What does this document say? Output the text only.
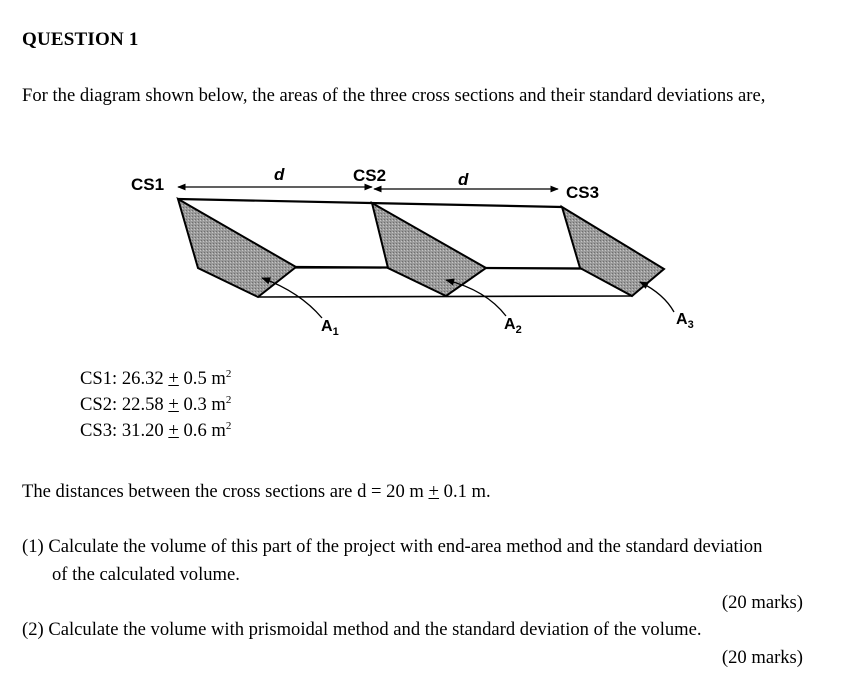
QUESTION 1
For the diagram shown below, the areas of the three cross sections and their standard deviations are,
CS1	CS2
CS3
d	d
$A_1$	$A_2$
$A_3$
CS1: 26.32 + 0.5 $m^2$
CS2: 22.58 + 0.3 $m^2$
CS3: 31.20 + 0.6 $m^2$
The distances between the cross sections are d = 20 m + 0.1 m.
(1) Calculate the volume of this part of the project with end-area method and the standard deviation
of the calculated volume.
(20 marks)
(2) Calculate the volume with prismoidal method and the standard deviation of the volume.
(20 marks)
